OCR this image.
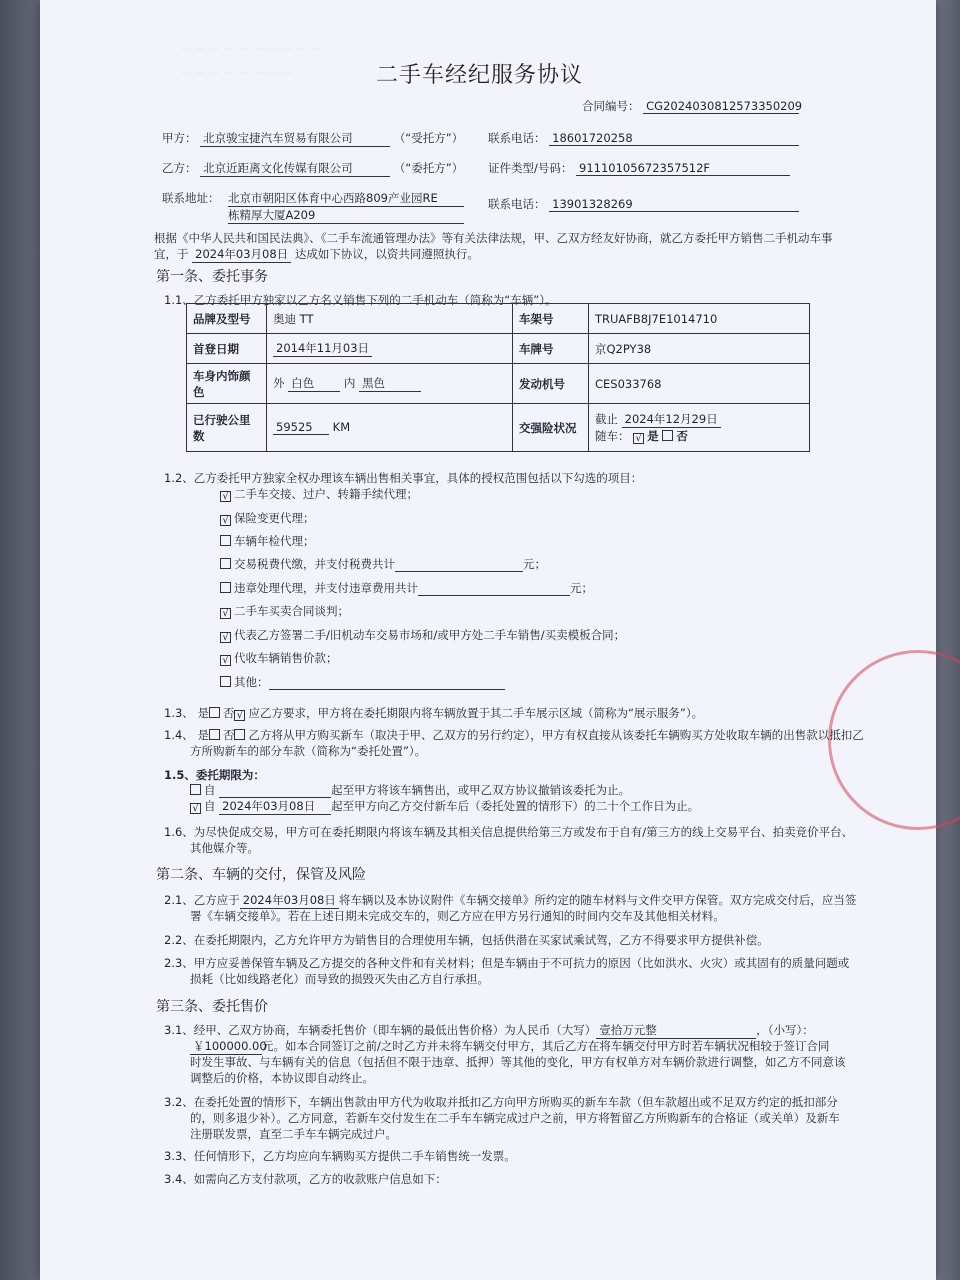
— — — — — — — — — —
— — — — — — — —	二手车经纪服务协议
合同编号： CG20240308125733502​09
甲方： 北京骏宝捷汽车贸易有限公司	（“受托方”） 联系电话： 18601720258
乙方： 北京近距离文化传媒有限公司	（“委托方”） 证件类型/号码： 91110105672357512F
联系地址： 北京市朝阳区体育中心西路809产业园RE
栋精厚大厦A209
联系电话： 13901328269
根据《中华人民共和国民法典》、《二手车流通管理办法》等有关法律法规，甲、乙双方经友好协商，就乙方委托甲方销售二手机动车事
宜，于 2024年03月08日 达成如下协议，以资共同遵照执行。
第一条、委托事务
1.1、乙方委托甲方独家以乙方名义销售下列的二手机动车（简称为“车辆”）。
品牌及型号	奥迪 TT	车架号	TRUAFB8J7E1014710
首登日期	2014年11月03日	车牌号	京Q2PY38
车身内饰颜色	外 白色 内 黑色	发动机号	CES033768
已行驶公里数	59525 KM	交强险状况	截止 2024年12月29日
随车： √ 是 否
1.2、乙方委托甲方独家全权办理该车辆出售相关事宜，具体的授权范围包括以下勾选的项目：
√ 二手车交接、过户、转籍手续代理；
√ 保险变更代理；
车辆年检代理；
交易税费代缴，并支付税费共计	元；
违章处理代理，并支付违章费用共计	元；
√ 二手车买卖合同谈判；
√ 代表乙方签署二手/旧机动车交易市场和/或甲方处二手车销售/买卖模板合同；
√ 代收车辆销售价款；
其他：
1.3、 是 否 √ 应乙方要求，甲方将在委托期限内将车辆放置于其二手车展示区域（简称为“展示服务”）。
1.4、 是 否 乙方将从甲方购买新车（取决于甲、乙双方的另行约定），甲方有权直接从该委托车辆购买方处收取车辆的出售款以抵扣乙
方所购新车的部分车款（简称为“委托处置”）。
1.5、委托期限为：
自	起至甲方将该车辆售出，或甲乙双方协议撤销该委托为止。
√ 自 2024年03月08日 起至甲方向乙方交付新车后（委托处置的情形下）的二十个工作日为止。
1.6、为尽快促成交易，甲方可在委托期限内将该车辆及其相关信息提供给第三方或发布于自有/第三方的线上交易平台、拍卖竞价平台、
其他媒介等。
第二条、车辆的交付，保管及风险
2.1、乙方应于 2024年03月08日 将车辆以及本协议附件《车辆交接单》所约定的随车材料与文件交甲方保管。双方完成交付后，应当签
署《车辆交接单》。若在上述日期未完成交车的，则乙方应在甲方另行通知的时间内交车及其他相关材料。
2.2、在委托期限内，乙方允许甲方为销售目的合理使用车辆，包括供潜在买家试乘试驾，乙方不得要求甲方提供补偿。
2.3、甲方应妥善保管车辆及乙方提交的各种文件和有关材料；但是车辆由于不可抗力的原因（比如洪水、火灾）或其固有的质量问题或
损耗（比如线路老化）而导致的损毁灭失由乙方自行承担。
第三条、委托售价
3.1、经甲、乙双方协商，车辆委托售价（即车辆的最低出售价格）为人民币（大写） 壹拾万元整	，（小写）：
￥100000.00元。如本合同签订之前/之时乙方并未将车辆交付甲方，其后乙方在将车辆交付甲方时若车辆状况相较于签订合同
时发生事故、与车辆有关的信息（包括但不限于违章、抵押）等其他的变化，甲方有权单方对车辆价款进行调整，如乙方不同意该
调整后的价格，本协议即自动终止。
3.2、在委托处置的情形下，车辆出售款由甲方代为收取并抵扣乙方向甲方所购买的新车车款（但车款超出或不足双方约定的抵扣部分
的，则多退少补）。乙方同意，若新车交付发生在二手车车辆完成过户之前，甲方将暂留乙方所购新车的合格证（或关单）及新车
注册联发票，直至二手车车辆完成过户。
3.3、任何情形下，乙方均应向车辆购买方提供二手车销售统一发票。
3.4、如需向乙方支付款项，乙方的收款账户信息如下：
